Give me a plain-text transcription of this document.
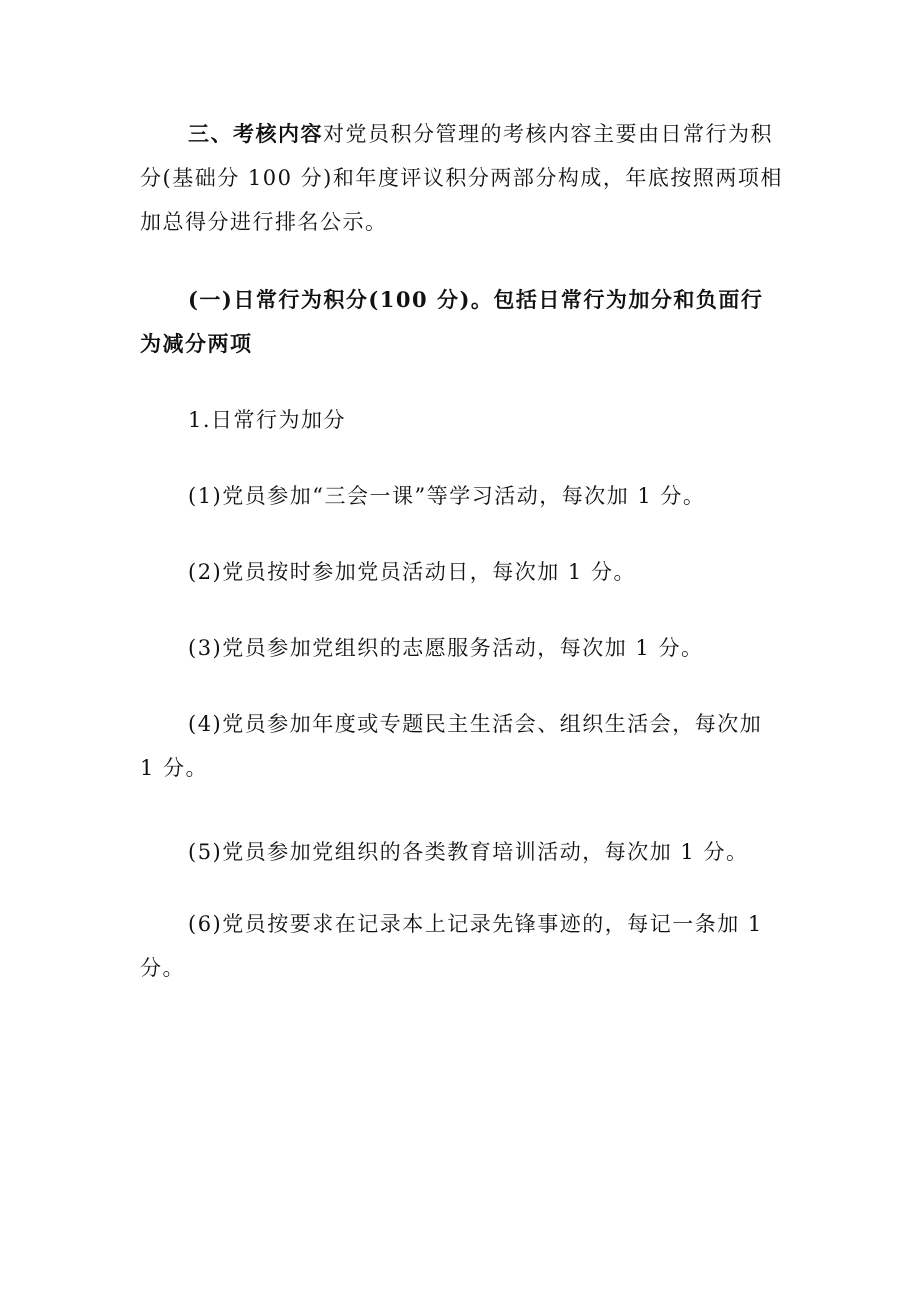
三、考核内容对党员积分管理的考核内容主要由日常行为积分(基础分 100 分)和年度评议积分两部分构成，年底按照两项相加总得分进行排名公示。

(一)日常行为积分(100 分)。包括日常行为加分和负面行为减分两项

1.日常行为加分

(1)党员参加“三会一课”等学习活动，每次加 1 分。

(2)党员按时参加党员活动日，每次加 1 分。

(3)党员参加党组织的志愿服务活动，每次加 1 分。

(4)党员参加年度或专题民主生活会、组织生活会，每次加 1 分。

(5)党员参加党组织的各类教育培训活动，每次加 1 分。

(6)党员按要求在记录本上记录先锋事迹的，每记一条加 1 分。
